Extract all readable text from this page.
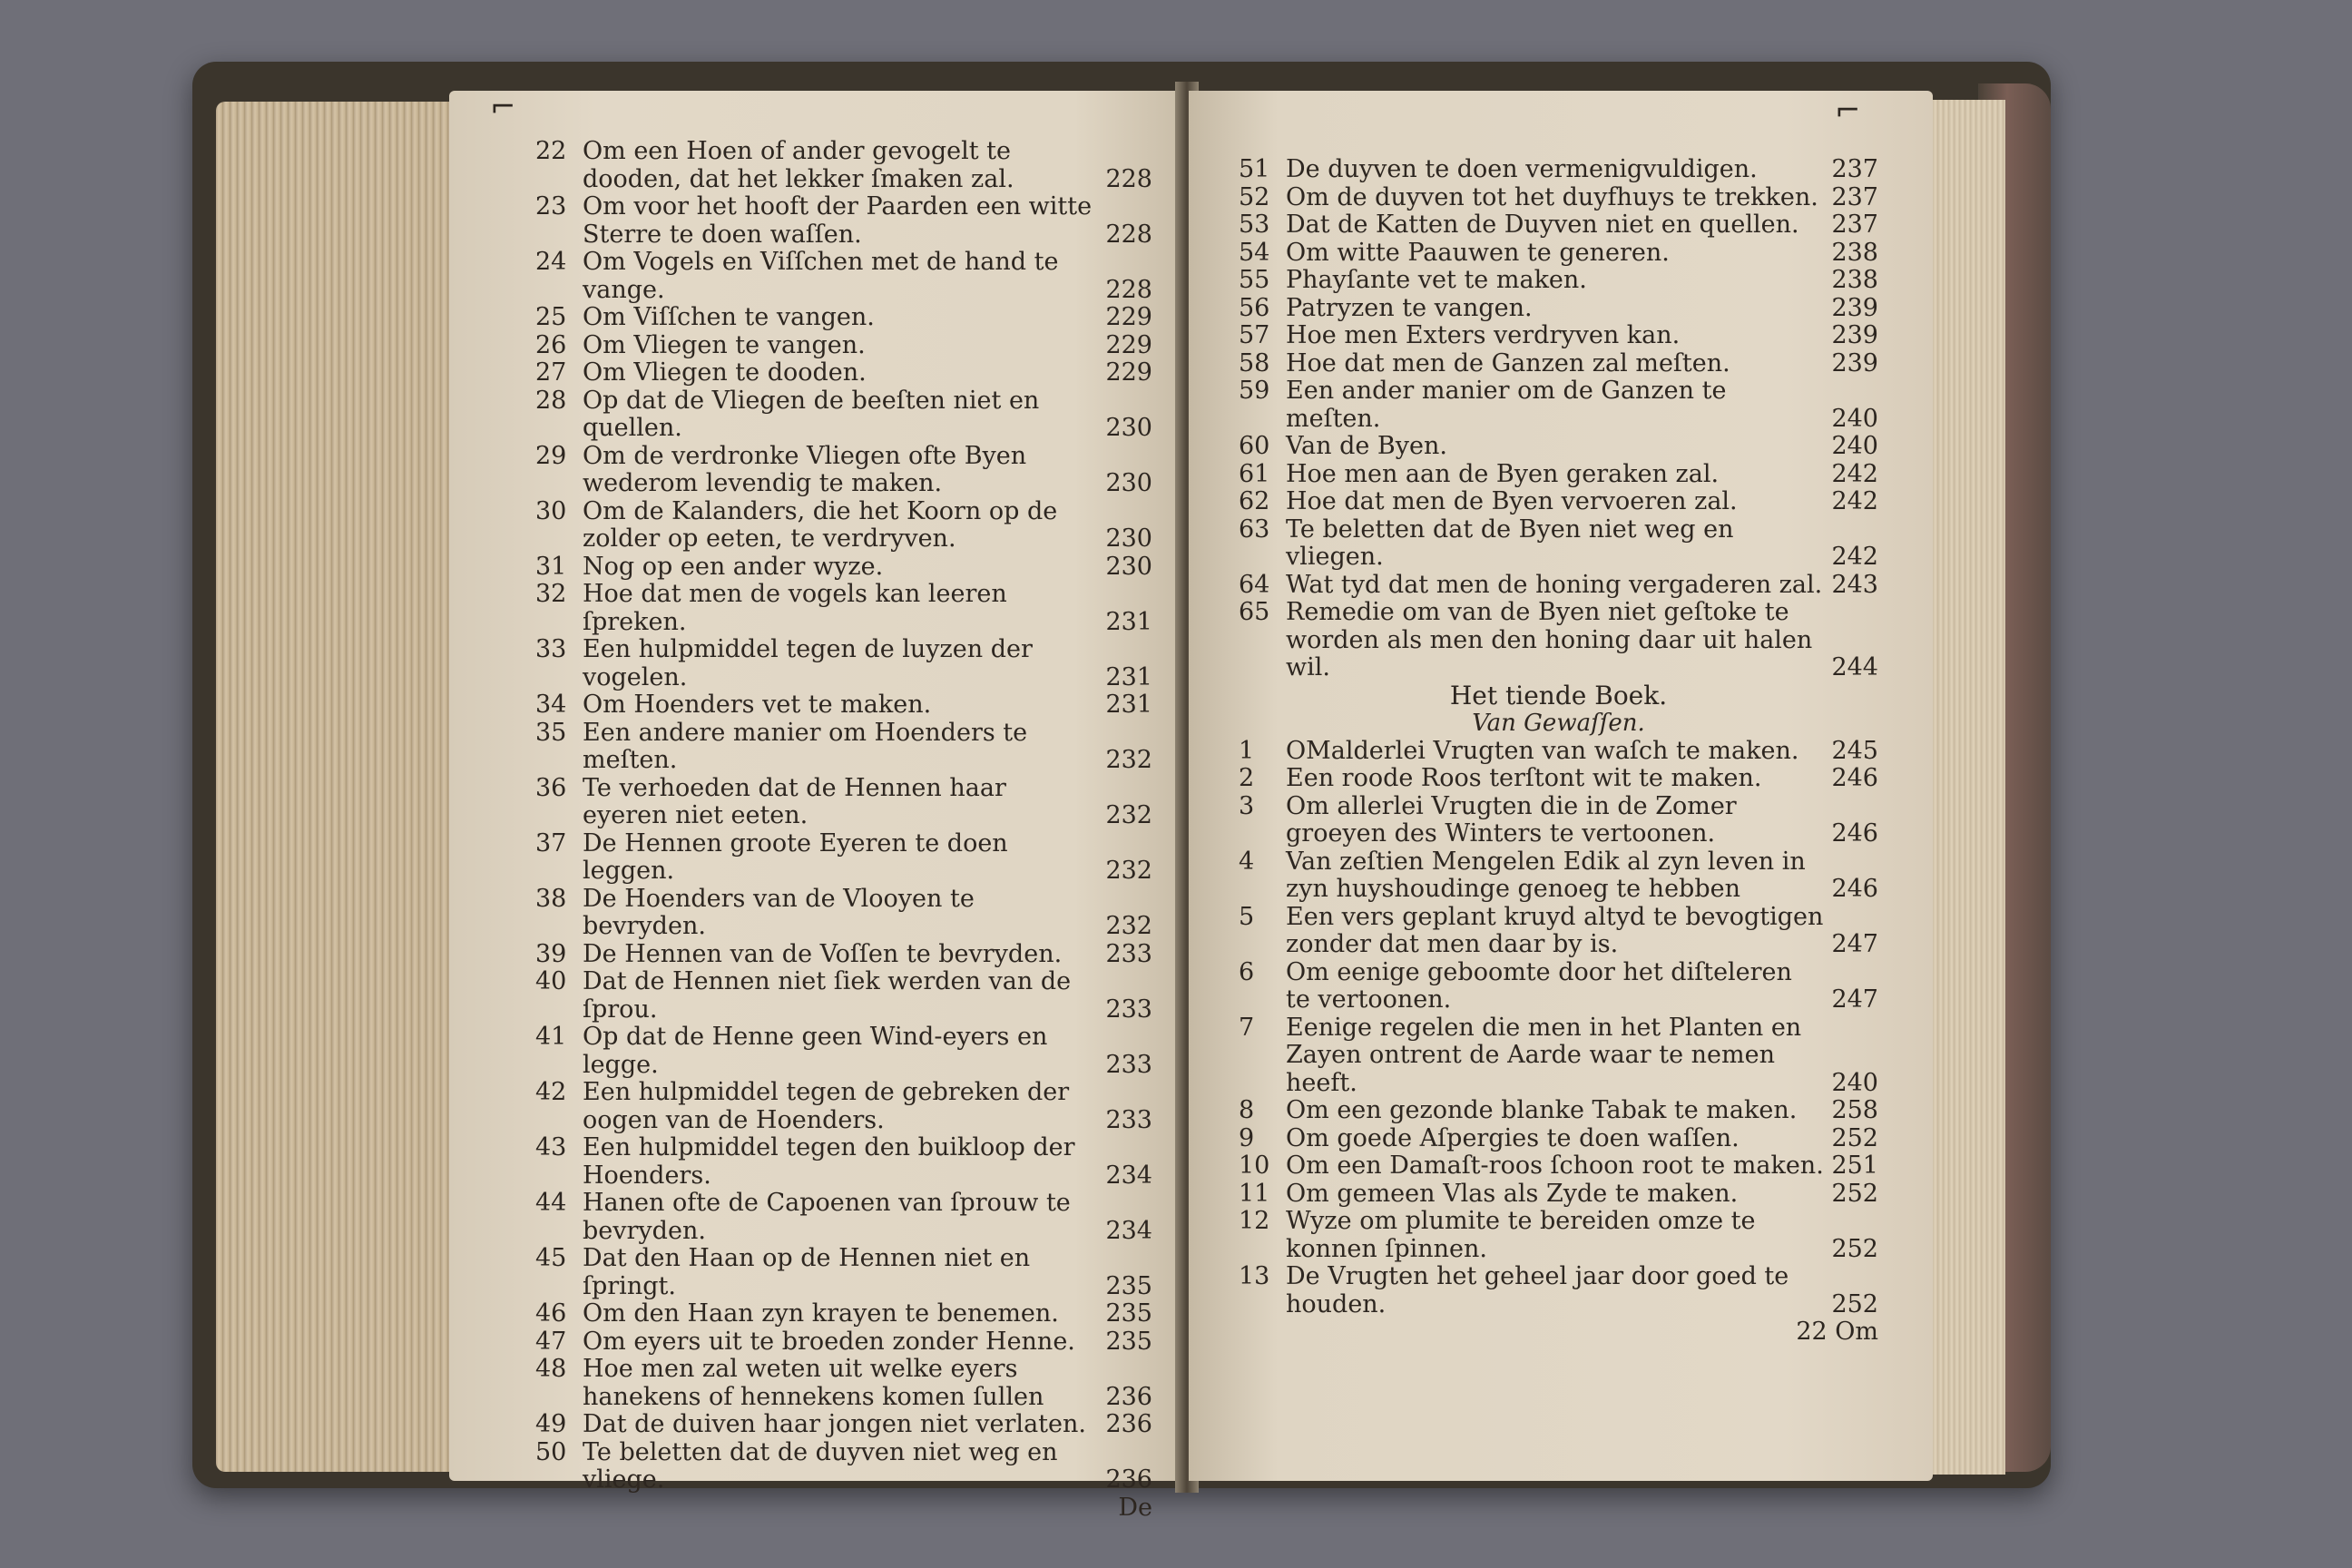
⌐
22 Om een Hoen of ander gevogelt te dooden, dat het lekker ſmaken zal.	228
23 Om voor het hooft der Paarden een witte Sterre te doen waſſen.	228
24 Om Vogels en Viſſchen met de hand te vange.	228
25 Om Viſſchen te vangen.	229
26 Om Vliegen te vangen.	229
27 Om Vliegen te dooden.	229
28 Op dat de Vliegen de beeſten niet en quellen.	230
29 Om de verdronke Vliegen ofte Byen wederom levendig te maken.	230
30 Om de Kalanders, die het Koorn op de zolder op eeten, te verdryven.	230
31 Nog op een ander wyze.	230
32 Hoe dat men de vogels kan leeren ſpreken.	231
33 Een hulpmiddel tegen de luyzen der vogelen.	231
34 Om Hoenders vet te maken.	231
35 Een andere manier om Hoenders te meſten.	232
36 Te verhoeden dat de Hennen haar eyeren niet eeten.	232
37 De Hennen groote Eyeren te doen leggen.	232
38 De Hoenders van de Vlooyen te bevryden.	232
39 De Hennen van de Voſſen te bevryden.	233
40 Dat de Hennen niet ſiek werden van de ſprou.	233
41 Op dat de Henne geen Wind-eyers en legge.	233
42 Een hulpmiddel tegen de gebreken der oogen van de Hoenders.	233
43 Een hulpmiddel tegen den buikloop der Hoenders.	234
44 Hanen ofte de Capoenen van ſprouw te bevryden.	234
45 Dat den Haan op de Hennen niet en ſpringt.	235
46 Om den Haan zyn krayen te benemen.	235
47 Om eyers uit te broeden zonder Henne.	235
48 Hoe men zal weten uit welke eyers hanekens of hennekens komen ſullen	236
49 Dat de duiven haar jongen niet verlaten. 236
50 Te beletten dat de duyven niet weg en vliege.	236
De
⌐
51 De duyven te doen vermenigvuldigen.	237
52 Om de duyven tot het duyfhuys te trekken. 237
53 Dat de Katten de Duyven niet en quellen.	237
54 Om witte Paauwen te generen.	238
55 Phayſante vet te maken.	238
56 Patryzen te vangen.	239
57 Hoe men Exters verdryven kan.	239
58 Hoe dat men de Ganzen zal meſten.	239
59 Een ander manier om de Ganzen te meſten.	240
60 Van de Byen.	240
61 Hoe men aan de Byen geraken zal.	242
62 Hoe dat men de Byen vervoeren zal.	242
63 Te beletten dat de Byen niet weg en vliegen.	242
64 Wat tyd dat men de honing vergaderen zal. 243
65 Remedie om van de Byen niet geſtoke te worden als men den honing daar uit halen wil.	244
Het tiende Boek.
Van Gewaſſen.
1	OMalderlei Vrugten van waſch te maken.	245
2	Een roode Roos terſtont wit te maken.	246
3	Om allerlei Vrugten die in de Zomer groeyen des Winters te vertoonen.	246
4	Van zeſtien Mengelen Edik al zyn leven in zyn huyshoudinge genoeg te hebben	246
5	Een vers geplant kruyd altyd te bevogtigen zonder dat men daar by is.	247
6	Om eenige geboomte door het diſteleren te vertoonen.	247
7	Eenige regelen die men in het Planten en Zayen ontrent de Aarde waar te nemen heeft.	240
8	Om een gezonde blanke Tabak te maken.	258
9	Om goede Aſpergies te doen waſſen.	252
10 Om een Damaſt-roos ſchoon root te maken. 251
11 Om gemeen Vlas als Zyde te maken.	252
12 Wyze om plumite te bereiden omze te konnen ſpinnen.	252
13 De Vrugten het geheel jaar door goed te houden.	252
22 Om
